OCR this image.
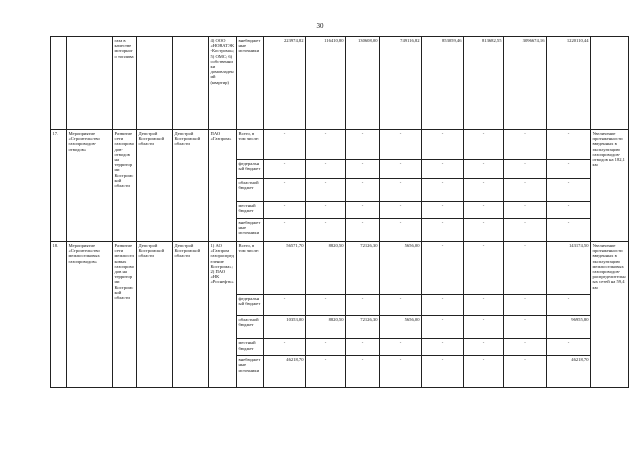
30
		газа в качестве моторного топлива			4) ООО «НОВАТЭК-Кострома»; 5) ОМС; 6) собственники домовладений (квартир)	внебюджетные источники	223974,82	116410,80	130608,00	749116,82	853059,46	813682,55	3096674,16	1220110,44	
17.	Мероприятие «Строительство газопроводов-отводов»	Развитие сети газопроводов-отводов на территории Костромской области	Депстрой Костромской области	Депстрой Костромской области	ПАО «Газпром»	Всего, в том числе:	-	-	-	-	-	-	-	-	Увеличение протяженности введенных в эксплуатацию газопроводов-отводов на 182,1 км
						федеральный бюджет	-	-	-	-	-	-	-	-	
						областной бюджет	-	-	-	-	-	-	-	-	
						местный бюджет	-	-	-	-	-	-	-	-	
						внебюджетные источники	-	-	-	-	-	-	-	-	
18.	Мероприятие «Строительство межпоселковых газопроводов»	Развитие сети межпоселковых газопроводов на территории Костромской области	Депстрой Костромской области	Депстрой Костромской области	1) АО «Газпром газораспределение Кострома»; 2) ПАО «НК «Роснефть»	Всего, в том числе:	56571,70	8820,50	72126,30	5656,00	-	-	-	143174,50	Увеличение протяженности введенных в эксплуатацию межпоселковых газопроводов-распределительных сетей на 59,4 км
						федеральный бюджет	-	-	-	-	-	-	-	-	
						областной бюджет	10353,00	8820,50	72126,30	5656,00	-	-	-	96955,80	
						местный бюджет	-	-	-	-	-	-	-	-	
						внебюджетные источники	46218,70	-	-	-	-	-	-	46218,70	
